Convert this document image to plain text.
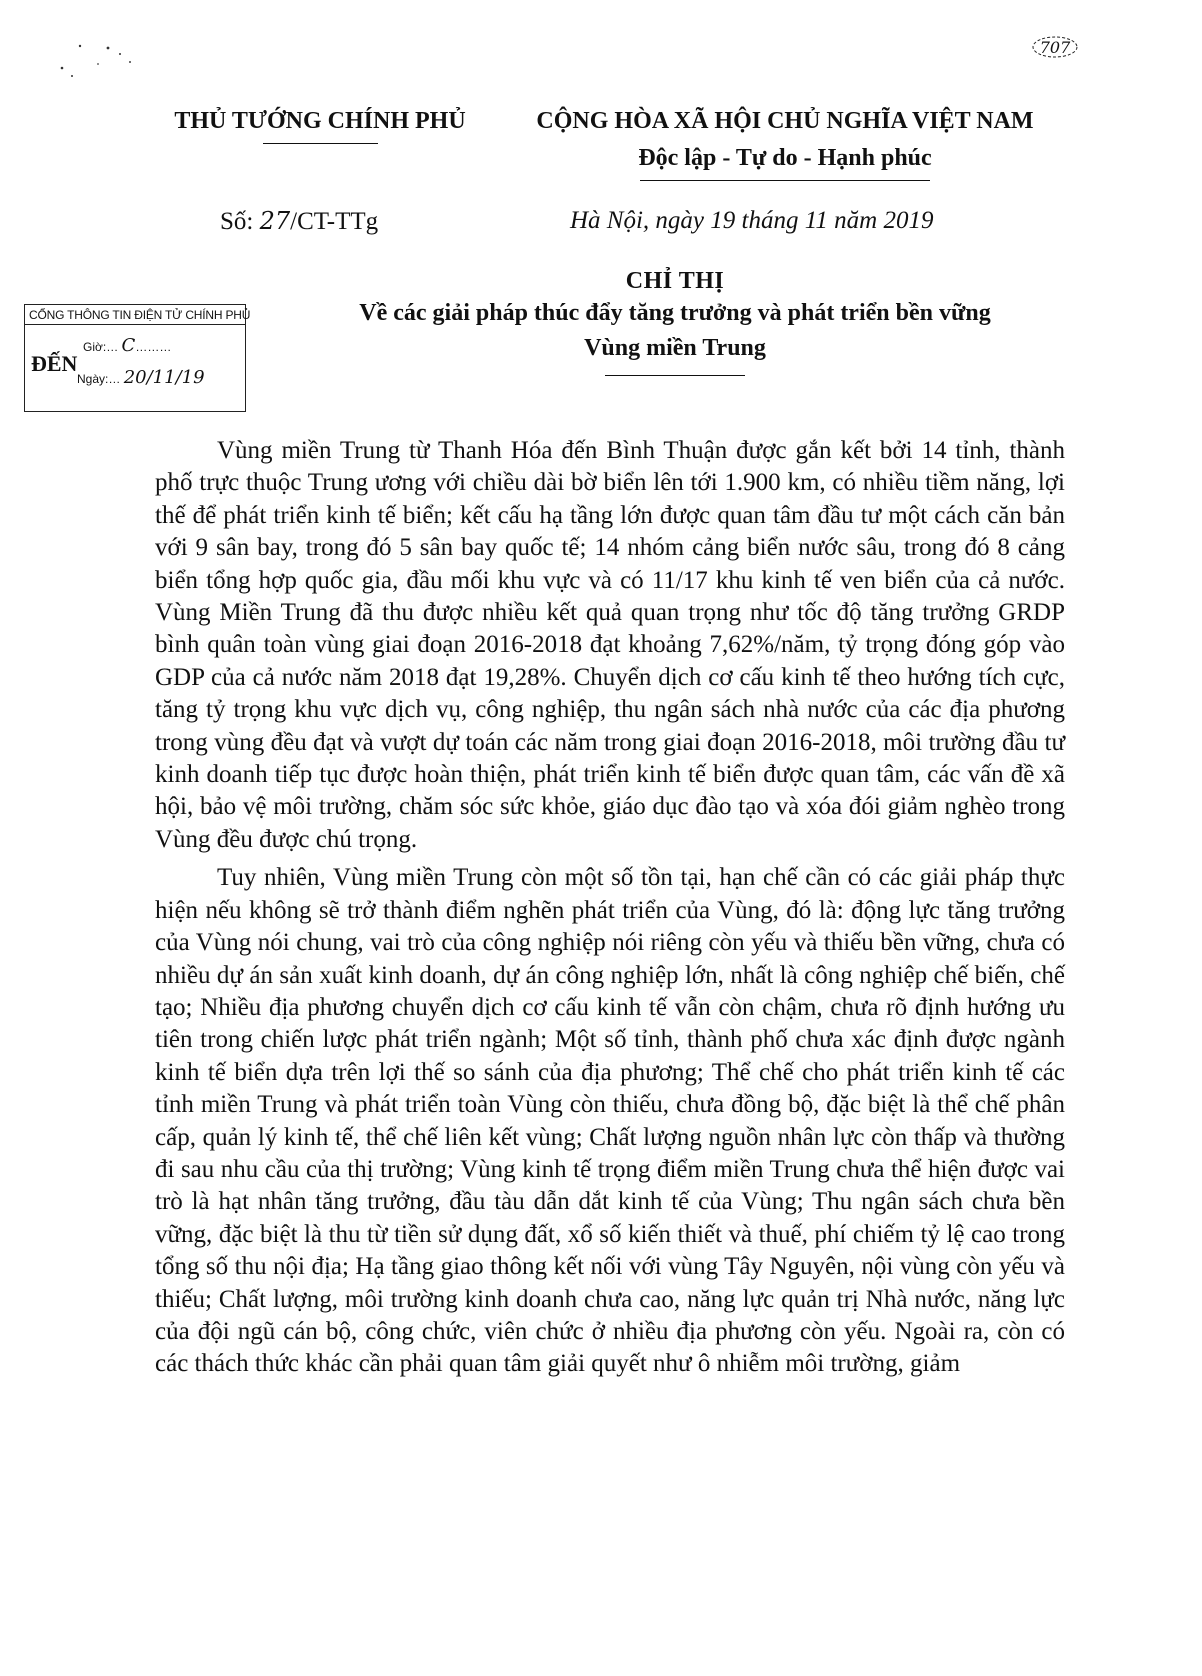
707
THỦ TƯỚNG CHÍNH PHỦ	CỘNG HÒA XÃ HỘI CHỦ NGHĨA VIỆT NAM
Độc lập - Tự do - Hạnh phúc
Số: 27/CT-TTg	Hà Nội, ngày 19 tháng 11 năm 2019
CHỈ THỊ
Về các giải pháp thúc đẩy tăng trưởng và phát triển bền vững
Vùng miền Trung
CỔNG THÔNG TIN ĐIỆN TỬ CHÍNH PHỦ
ĐẾN
Giờ:… C………
Ngày:… 20/11/19

Vùng miền Trung từ Thanh Hóa đến Bình Thuận được gắn kết bởi 14 tỉnh, thành phố trực thuộc Trung ương với chiều dài bờ biển lên tới 1.900 km, có nhiều tiềm năng, lợi thế để phát triển kinh tế biển; kết cấu hạ tầng lớn được quan tâm đầu tư một cách căn bản với 9 sân bay, trong đó 5 sân bay quốc tế; 14 nhóm cảng biển nước sâu, trong đó 8 cảng biển tổng hợp quốc gia, đầu mối khu vực và có 11/17 khu kinh tế ven biển của cả nước. Vùng Miền Trung đã thu được nhiều kết quả quan trọng như tốc độ tăng trưởng GRDP bình quân toàn vùng giai đoạn 2016-2018 đạt khoảng 7,62%/năm, tỷ trọng đóng góp vào GDP của cả nước năm 2018 đạt 19,28%. Chuyển dịch cơ cấu kinh tế theo hướng tích cực, tăng tỷ trọng khu vực dịch vụ, công nghiệp, thu ngân sách nhà nước của các địa phương trong vùng đều đạt và vượt dự toán các năm trong giai đoạn 2016-2018, môi trường đầu tư kinh doanh tiếp tục được hoàn thiện, phát triển kinh tế biển được quan tâm, các vấn đề xã hội, bảo vệ môi trường, chăm sóc sức khỏe, giáo dục đào tạo và xóa đói giảm nghèo trong Vùng đều được chú trọng.

Tuy nhiên, Vùng miền Trung còn một số tồn tại, hạn chế cần có các giải pháp thực hiện nếu không sẽ trở thành điểm nghẽn phát triển của Vùng, đó là: động lực tăng trưởng của Vùng nói chung, vai trò của công nghiệp nói riêng còn yếu và thiếu bền vững, chưa có nhiều dự án sản xuất kinh doanh, dự án công nghiệp lớn, nhất là công nghiệp chế biến, chế tạo; Nhiều địa phương chuyển dịch cơ cấu kinh tế vẫn còn chậm, chưa rõ định hướng ưu tiên trong chiến lược phát triển ngành; Một số tỉnh, thành phố chưa xác định được ngành kinh tế biển dựa trên lợi thế so sánh của địa phương; Thể chế cho phát triển kinh tế các tỉnh miền Trung và phát triển toàn Vùng còn thiếu, chưa đồng bộ, đặc biệt là thể chế phân cấp, quản lý kinh tế, thể chế liên kết vùng; Chất lượng nguồn nhân lực còn thấp và thường đi sau nhu cầu của thị trường; Vùng kinh tế trọng điểm miền Trung chưa thể hiện được vai trò là hạt nhân tăng trưởng, đầu tàu dẫn dắt kinh tế của Vùng; Thu ngân sách chưa bền vững, đặc biệt là thu từ tiền sử dụng đất, xổ số kiến thiết và thuế, phí chiếm tỷ lệ cao trong tổng số thu nội địa; Hạ tầng giao thông kết nối với vùng Tây Nguyên, nội vùng còn yếu và thiếu; Chất lượng, môi trường kinh doanh chưa cao, năng lực quản trị Nhà nước, năng lực của đội ngũ cán bộ, công chức, viên chức ở nhiều địa phương còn yếu. Ngoài ra, còn có các thách thức khác cần phải quan tâm giải quyết như ô nhiễm môi trường, giảm
